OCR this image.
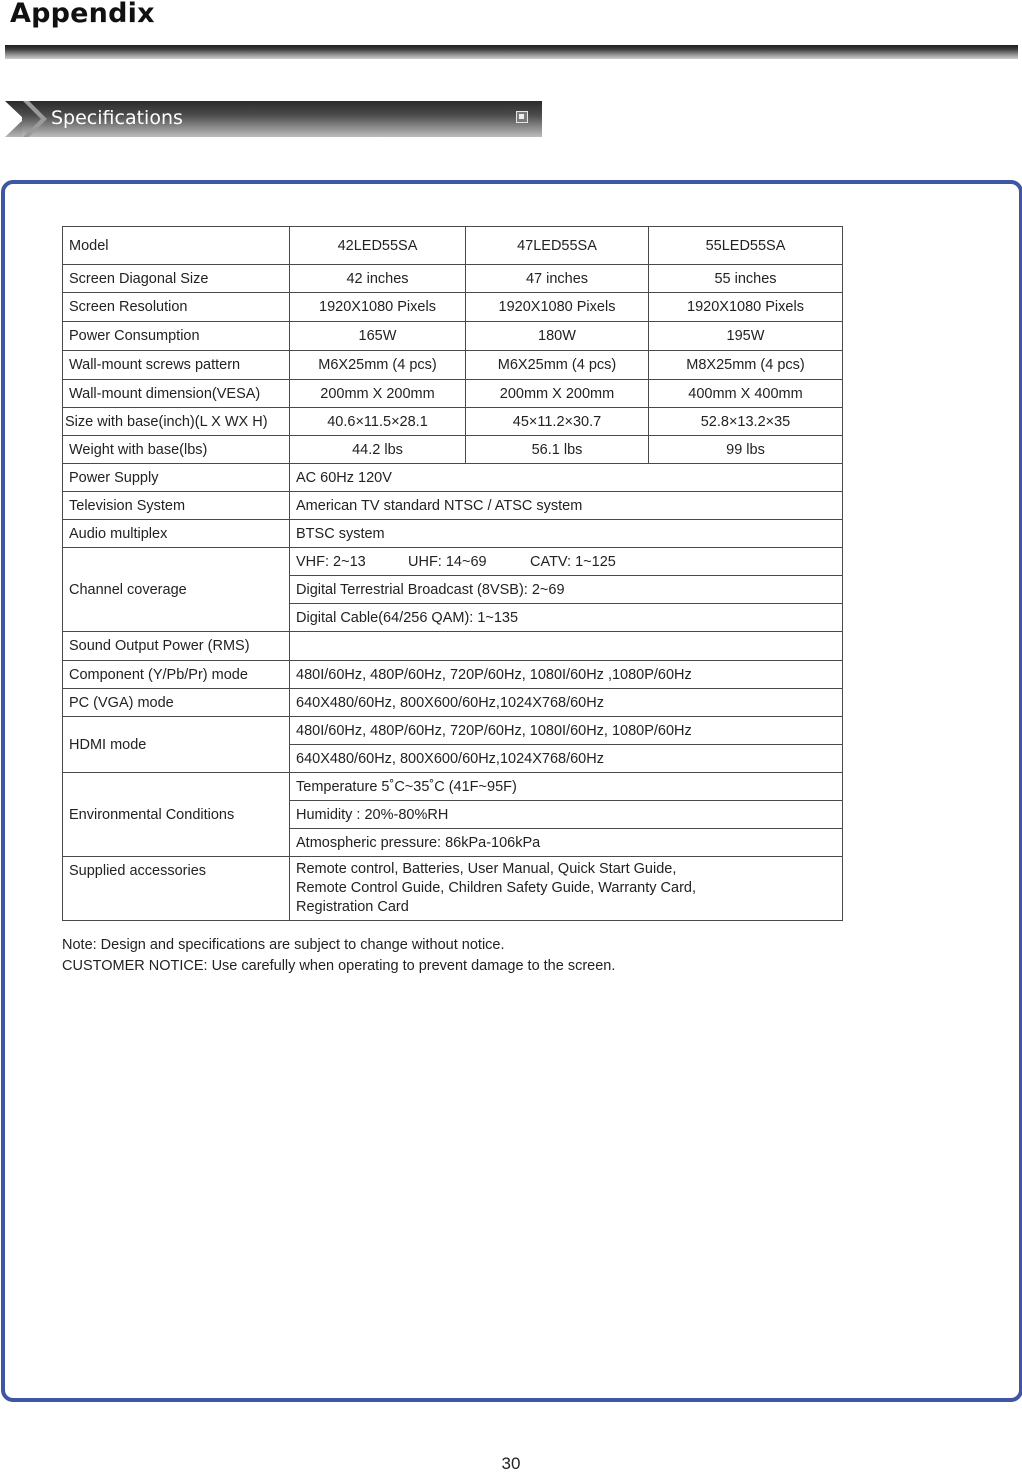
Appendix
Specifications
Model	42LED55SA	47LED55SA	55LED55SA
Screen Diagonal Size	42 inches	47 inches	55 inches
Screen Resolution	1920X1080 Pixels	1920X1080 Pixels	1920X1080 Pixels
Power Consumption	165W	180W	195W
Wall-mount screws pattern	M6X25mm (4 pcs)	M6X25mm (4 pcs)	M8X25mm (4 pcs)
Wall-mount dimension(VESA)	200mm X 200mm	200mm X 200mm	400mm X 400mm
Size with base(inch)(L X WX H)	40.6×11.5×28.1	45×11.2×30.7	52.8×13.2×35
Weight with base(lbs)	44.2 lbs	56.1 lbs	99 lbs
Power Supply	AC 60Hz 120V		
Television System	American TV standard NTSC / ATSC system		
Audio multiplex	BTSC system		
Channel coverage	VHF: 2~13 UHF: 14~69 CATV: 1~125		
	Digital Terrestrial Broadcast (8VSB): 2~69		
	Digital Cable(64/256 QAM): 1~135		
Sound Output Power (RMS)			
Component (Y/Pb/Pr) mode	480I/60Hz, 480P/60Hz, 720P/60Hz, 1080I/60Hz ,1080P/60Hz		
PC (VGA) mode	640X480/60Hz, 800X600/60Hz,1024X768/60Hz		
HDMI mode	480I/60Hz, 480P/60Hz, 720P/60Hz, 1080I/60Hz, 1080P/60Hz		
	640X480/60Hz, 800X600/60Hz,1024X768/60Hz		
Environmental Conditions	Temperature 5˚C~35˚C (41F~95F)		
	Humidity : 20%-80%RH		
	Atmospheric pressure: 86kPa-106kPa		
Supplied accessories	Remote control, Batteries, User Manual, Quick Start Guide,
Remote Control Guide, Children Safety Guide, Warranty Card,
Registration Card		
Note: Design and specifications are subject to change without notice.
CUSTOMER NOTICE: Use carefully when operating to prevent damage to the screen.
30
